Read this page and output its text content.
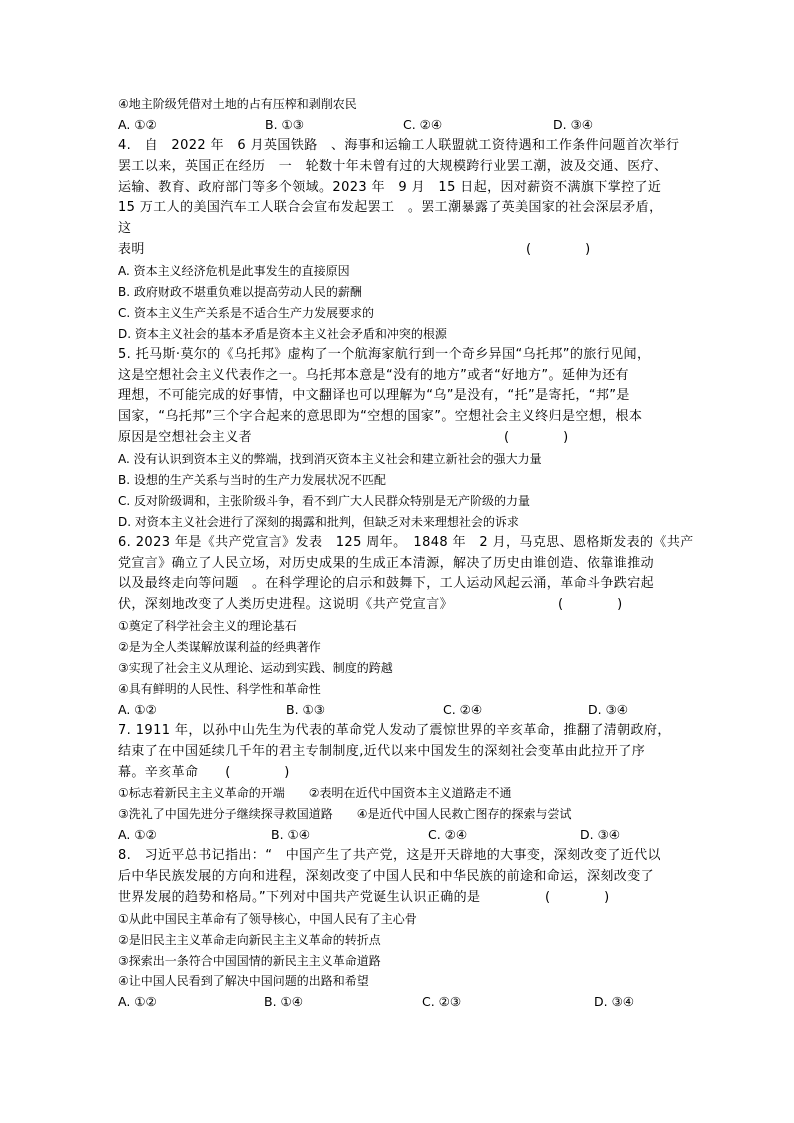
④地主阶级凭借对土地的占有压榨和剥削农民
A. ①②	B. ①③	C. ②④	D. ③④
4.　自　2022 年　6 月英国铁路　、海事和运输工人联盟就工资待遇和工作条件问题首次举行
罢工以来，英国正在经历　一　轮数十年未曾有过的大规模跨行业罢工潮，波及交通、医疗、
运输、教育、政府部门等多个领域。2023 年　9 月　15 日起，因对薪资不满旗下掌控了近
15 万工人的美国汽车工人联合会宣布发起罢工　。罢工潮暴露了英美国家的社会深层矛盾，
这
表明	(　　　　)
A. 资本主义经济危机是此事发生的直接原因
B. 政府财政不堪重负难以提高劳动人民的薪酬
C. 资本主义生产关系是不适合生产力发展要求的
D. 资本主义社会的基本矛盾是资本主义社会矛盾和冲突的根源
5. 托马斯·莫尔的《乌托邦》虚构了一个航海家航行到一个奇乡异国“乌托邦”的旅行见闻，
这是空想社会主义代表作之一。乌托邦本意是“没有的地方”或者“好地方”。延伸为还有
理想，不可能完成的好事情，中文翻译也可以理解为“乌”是没有，“托”是寄托，“邦”是
国家，“乌托邦”三个字合起来的意思即为“空想的国家”。空想社会主义终归是空想，根本
原因是空想社会主义者	(　　　　)
A. 没有认识到资本主义的弊端，找到消灭资本主义社会和建立新社会的强大力量
B. 设想的生产关系与当时的生产力发展状况不匹配
C. 反对阶级调和，主张阶级斗争，看不到广大人民群众特别是无产阶级的力量
D. 对资本主义社会进行了深刻的揭露和批判，但缺乏对未来理想社会的诉求
6. 2023 年是《共产党宣言》发表　125 周年。　1848 年　2 月，马克思、恩格斯发表的《共产
党宣言》确立了人民立场，对历史成果的生成正本清源，解决了历史由谁创造、依靠谁推动
以及最终走向等问题　。在科学理论的启示和鼓舞下，工人运动风起云涌，革命斗争跌宕起
伏，深刻地改变了人类历史进程。这说明《共产党宣言》	(　　　　)
①奠定了科学社会主义的理论基石
②是为全人类谋解放谋利益的经典著作
③实现了社会主义从理论、运动到实践、制度的跨越
④具有鲜明的人民性、科学性和革命性
A. ①②	B. ①③	C. ②④	D. ③④
7. 1911 年，以孙中山先生为代表的革命党人发动了震惊世界的辛亥革命，推翻了清朝政府，
结束了在中国延续几千年的君主专制制度,近代以来中国发生的深刻社会变革由此拉开了序
幕。辛亥革命　　(　　　　)
①标志着新民主主义革命的开端　　②表明在近代中国资本主义道路走不通
③洗礼了中国先进分子继续探寻救国道路　　④是近代中国人民救亡图存的探索与尝试
A. ①②	B. ①④	C. ②④	D. ③④
8.　习近平总书记指出：“　中国产生了共产党，这是开天辟地的大事变，深刻改变了近代以
后中华民族发展的方向和进程，深刻改变了中国人民和中华民族的前途和命运，深刻改变了
世界发展的趋势和格局。”下列对中国共产党诞生认识正确的是	(　　　　)
①从此中国民主革命有了领导核心，中国人民有了主心骨
②是旧民主主义革命走向新民主主义革命的转折点
③探索出一条符合中国国情的新民主主义革命道路
④让中国人民看到了解决中国问题的出路和希望
A. ①②	B. ①④	C. ②③	D. ③④
